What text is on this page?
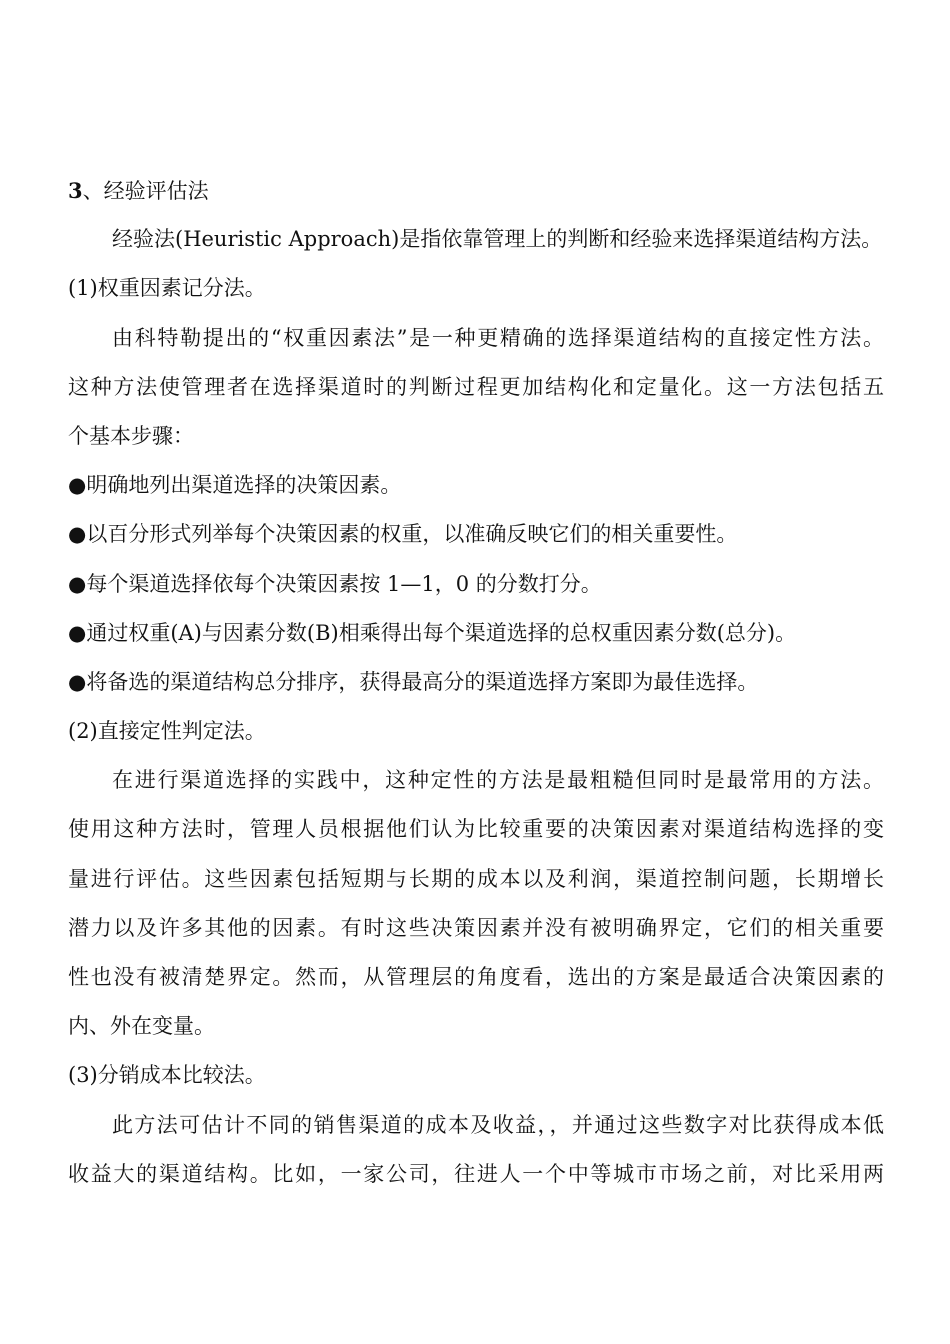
3、经验评估法
经验法(Heuristic Approach)是指依靠管理上的判断和经验来选择渠道结构方法。
(1)权重因素记分法。
由科特勒提出的“权重因素法”是一种更精确的选择渠道结构的直接定性方法。
这种方法使管理者在选择渠道时的判断过程更加结构化和定量化。这一方法包括五
个基本步骤：
●明确地列出渠道选择的决策因素。
●以百分形式列举每个决策因素的权重，以准确反映它们的相关重要性。
●每个渠道选择依每个决策因素按 1—1，0 的分数打分。
●通过权重(A)与因素分数(B)相乘得出每个渠道选择的总权重因素分数(总分)。
●将备选的渠道结构总分排序，获得最高分的渠道选择方案即为最佳选择。
(2)直接定性判定法。
在进行渠道选择的实践中，这种定性的方法是最粗糙但同时是最常用的方法。
使用这种方法时，管理人员根据他们认为比较重要的决策因素对渠道结构选择的变
量进行评估。这些因素包括短期与长期的成本以及利润，渠道控制问题，长期增长
潜力以及许多其他的因素。有时这些决策因素并没有被明确界定，它们的相关重要
性也没有被清楚界定。然而，从管理层的角度看，选出的方案是最适合决策因素的
内、外在变量。
(3)分销成本比较法。
此方法可估计不同的销售渠道的成本及收益，，并通过这些数字对比获得成本低
收益大的渠道结构。比如，一家公司，往进人一个中等城市市场之前，对比采用两
